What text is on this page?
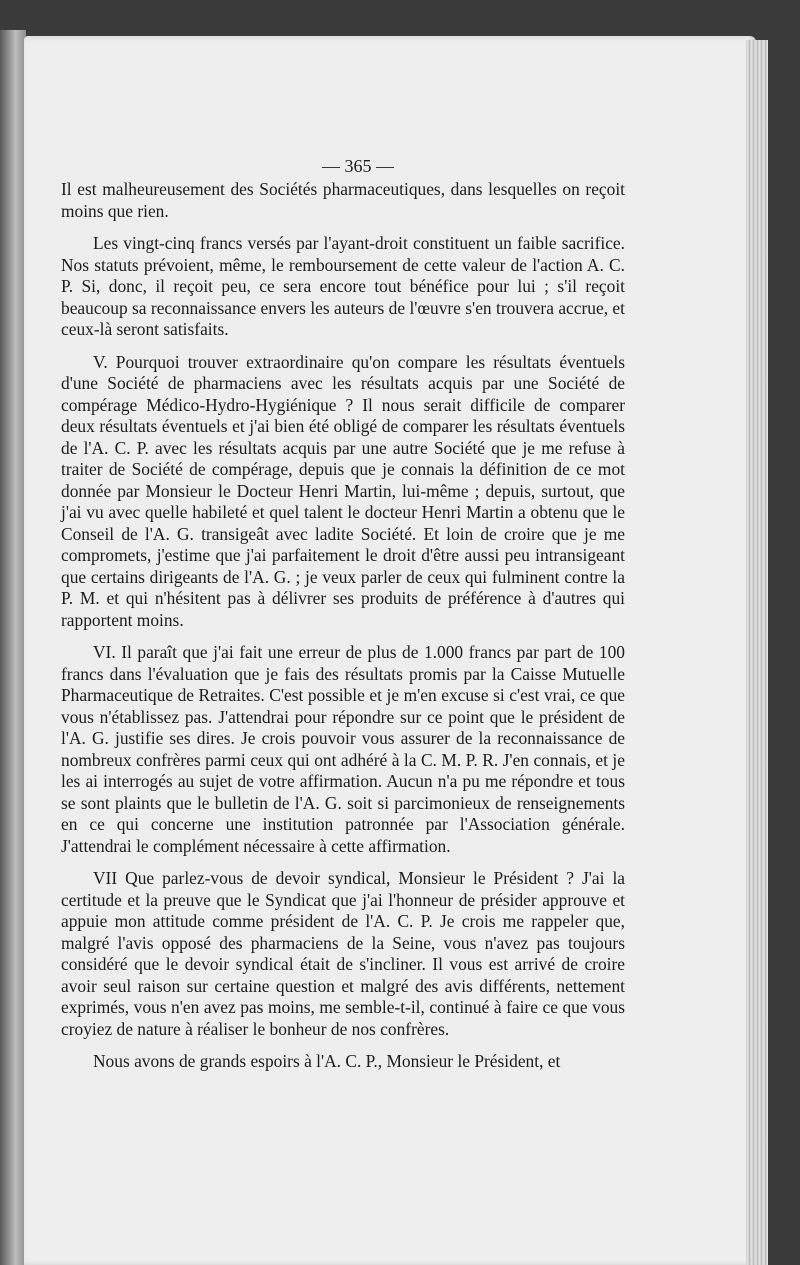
— 365 —

Il est malheureusement des Sociétés pharmaceutiques, dans lesquelles on reçoit moins que rien.

Les vingt-cinq francs versés par l'ayant-droit constituent un faible sacrifice. Nos statuts prévoient, même, le remboursement de cette valeur de l'action A. C. P. Si, donc, il reçoit peu, ce sera encore tout bénéfice pour lui ; s'il reçoit beaucoup sa reconnaissance envers les auteurs de l'œuvre s'en trouvera accrue, et ceux-là seront satisfaits.

V. Pourquoi trouver extraordinaire qu'on compare les résultats éventuels d'une Société de pharmaciens avec les résultats acquis par une Société de compérage Médico-Hydro-Hygiénique ? Il nous serait difficile de comparer deux résultats éventuels et j'ai bien été obligé de comparer les résultats éventuels de l'A. C. P. avec les résultats acquis par une autre Société que je me refuse à traiter de Société de compérage, depuis que je connais la définition de ce mot donnée par Monsieur le Docteur Henri Martin, lui-même ; depuis, surtout, que j'ai vu avec quelle habileté et quel talent le docteur Henri Martin a obtenu que le Conseil de l'A. G. transigeât avec ladite Société. Et loin de croire que je me compromets, j'estime que j'ai parfaitement le droit d'être aussi peu intransigeant que certains dirigeants de l'A. G. ; je veux parler de ceux qui fulminent contre la P. M. et qui n'hésitent pas à délivrer ses produits de préférence à d'autres qui rapportent moins.

VI. Il paraît que j'ai fait une erreur de plus de 1.000 francs par part de 100 francs dans l'évaluation que je fais des résultats promis par la Caisse Mutuelle Pharmaceutique de Retraites. C'est possible et je m'en excuse si c'est vrai, ce que vous n'établissez pas. J'attendrai pour répondre sur ce point que le président de l'A. G. justifie ses dires. Je crois pouvoir vous assurer de la reconnaissance de nombreux confrères parmi ceux qui ont adhéré à la C. M. P. R. J'en connais, et je les ai interrogés au sujet de votre affirmation. Aucun n'a pu me répondre et tous se sont plaints que le bulletin de l'A. G. soit si parcimonieux de renseignements en ce qui concerne une institution patronnée par l'Association générale. J'attendrai le complément nécessaire à cette affirmation.

VII Que parlez-vous de devoir syndical, Monsieur le Président ? J'ai la certitude et la preuve que le Syndicat que j'ai l'honneur de présider approuve et appuie mon attitude comme président de l'A. C. P. Je crois me rappeler que, malgré l'avis opposé des pharmaciens de la Seine, vous n'avez pas toujours considéré que le devoir syndical était de s'incliner. Il vous est arrivé de croire avoir seul raison sur certaine question et malgré des avis différents, nettement exprimés, vous n'en avez pas moins, me semble-t-il, continué à faire ce que vous croyiez de nature à réaliser le bonheur de nos confrères.

Nous avons de grands espoirs à l'A. C. P., Monsieur le Président, et
